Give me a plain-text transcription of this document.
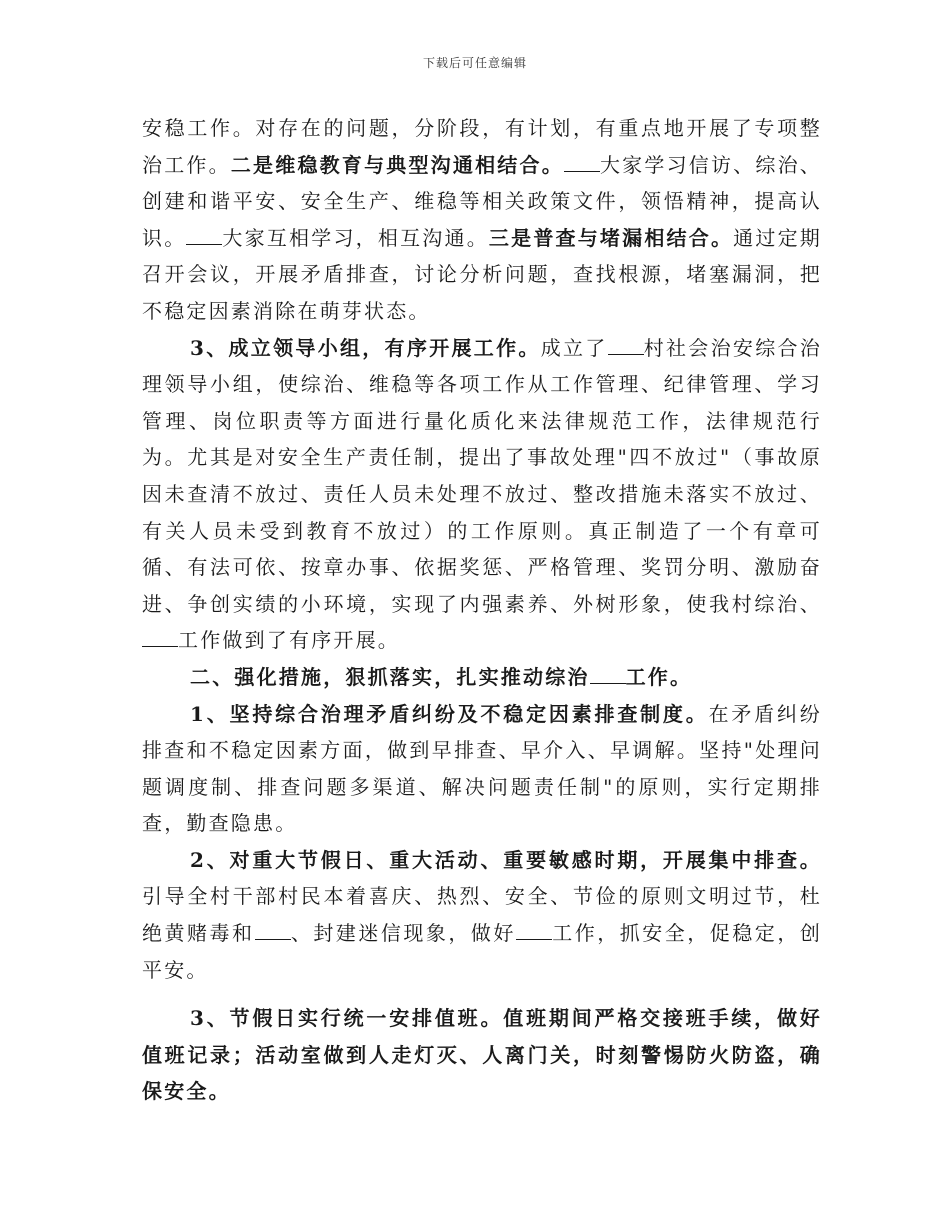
下载后可任意编辑

安稳工作。对存在的问题，分阶段，有计划，有重点地开展了专项整治工作。二是维稳教育与典型沟通相结合。 大家学习信访、综治、创建和谐平安、安全生产、维稳等相关政策文件，领悟精神，提高认识。 大家互相学习，相互沟通。三是普查与堵漏相结合。通过定期召开会议，开展矛盾排查，讨论分析问题，查找根源，堵塞漏洞，把不稳定因素消除在萌芽状态。

3、成立领导小组，有序开展工作。成立了 村社会治安综合治理领导小组，使综治、维稳等各项工作从工作管理、纪律管理、学习管理、岗位职责等方面进行量化质化来法律规范工作，法律规范行为。尤其是对安全生产责任制，提出了事故处理"四不放过"（事故原因未查清不放过、责任人员未处理不放过、整改措施未落实不放过、有关人员未受到教育不放过）的工作原则。真正制造了一个有章可循、有法可依、按章办事、依据奖惩、严格管理、奖罚分明、激励奋进、争创实绩的小环境，实现了内强素养、外树形象，使我村综治、工作做到了有序开展。

二、强化措施，狠抓落实，扎实推动综治 工作。

1、坚持综合治理矛盾纠纷及不稳定因素排查制度。在矛盾纠纷排查和不稳定因素方面，做到早排查、早介入、早调解。坚持"处理问题调度制、排查问题多渠道、解决问题责任制"的原则，实行定期排查，勤查隐患。

2、对重大节假日、重大活动、重要敏感时期，开展集中排查。引导全村干部村民本着喜庆、热烈、安全、节俭的原则文明过节，杜绝黄赌毒和 、封建迷信现象，做好 工作，抓安全，促稳定，创平安。

3、节假日实行统一安排值班。值班期间严格交接班手续，做好值班记录；活动室做到人走灯灭、人离门关，时刻警惕防火防盗，确保安全。
